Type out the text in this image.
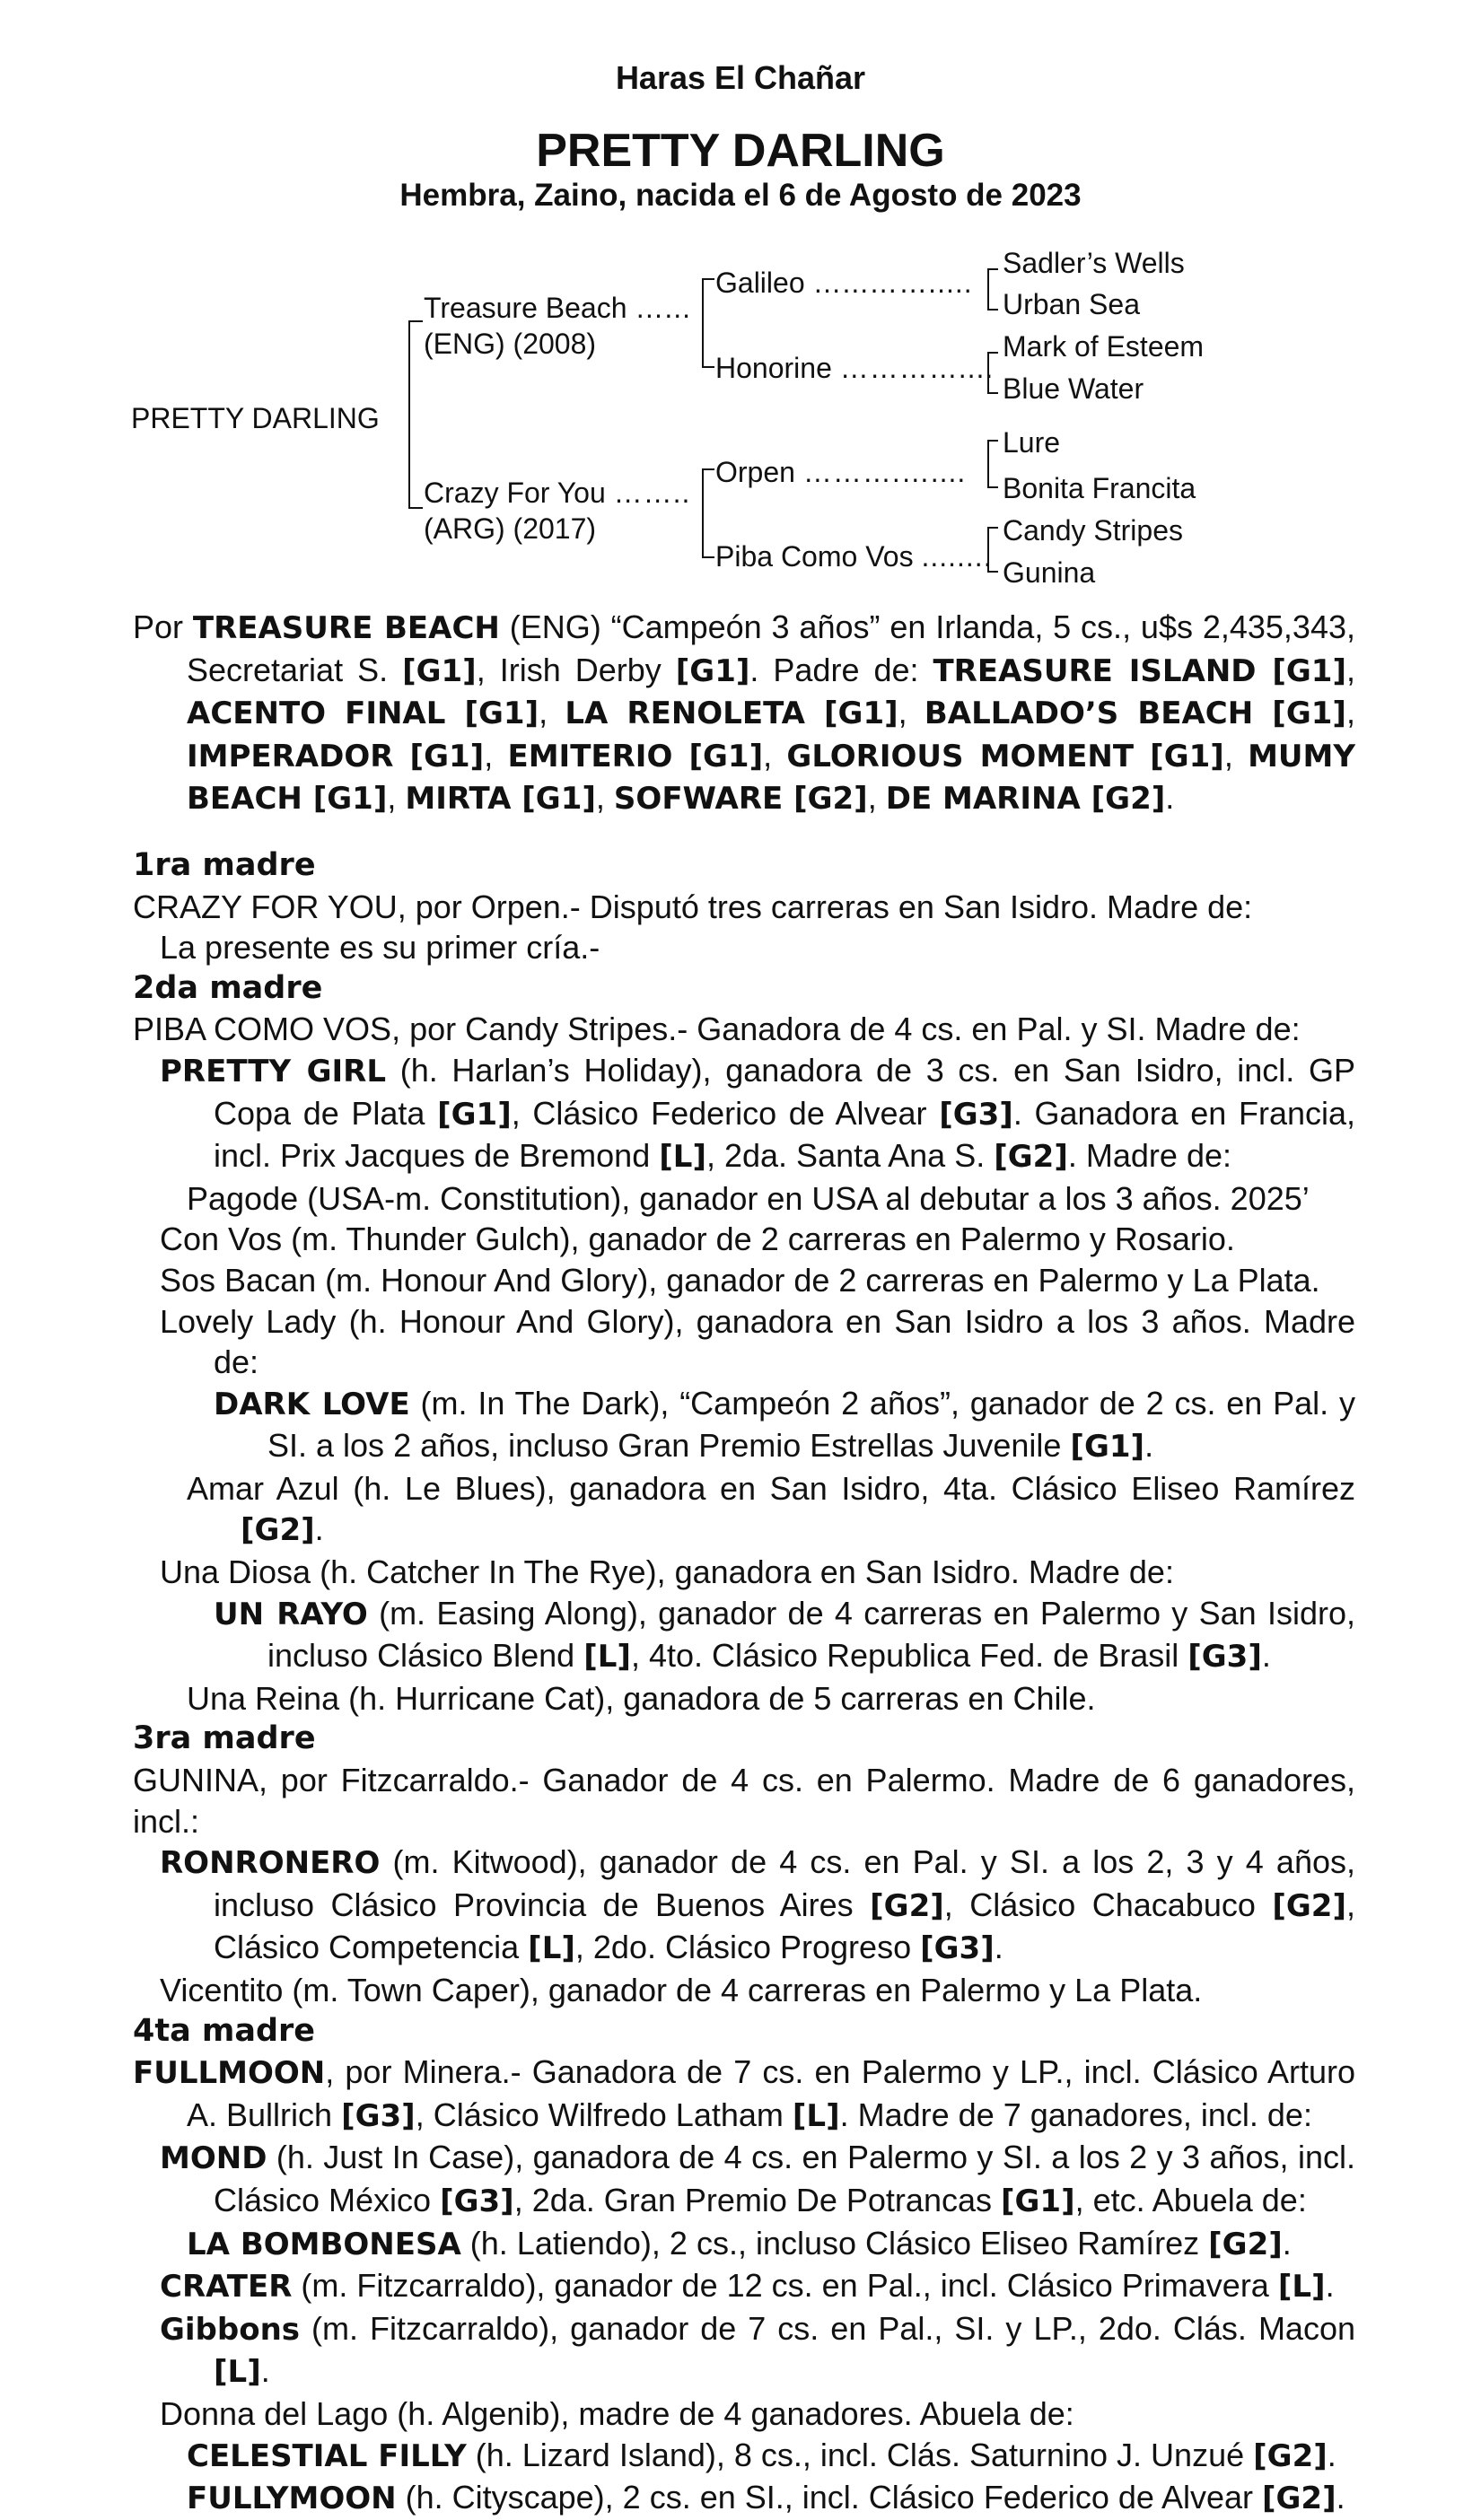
Haras El Chañar
PRETTY DARLING
Hembra, Zaino, nacida el 6 de Agosto de 2023
PRETTY DARLING
Treasure Beach …...
(ENG) (2008)
Crazy For You ……..
(ARG) (2017)
Galileo …...…….....
Honorine …………....
Orpen ……….…....
Piba Como Vos ........
Sadler’s Wells
Urban Sea
Mark of Esteem
Blue Water
Lure
Bonita Francita
Candy Stripes
Gunina

Por TREASURE BEACH (ENG) “Campeón 3 años” en Irlanda, 5 cs., u$s 2,435,343, Secretariat S. [G1], Irish Derby [G1]. Padre de: TREASURE ISLAND [G1], ACENTO FINAL [G1], LA RENOLETA [G1], BALLADO’S BEACH [G1], IMPERADOR [G1], EMITERIO [G1], GLORIOUS MOMENT [G1], MUMY BEACH [G1], MIRTA [G1], SOFWARE [G2], DE MARINA [G2].

1ra madre

CRAZY FOR YOU, por Orpen.- Disputó tres carreras en San Isidro. Madre de:

La presente es su primer cría.-

2da madre

PIBA COMO VOS, por Candy Stripes.- Ganadora de 4 cs. en Pal. y SI. Madre de:

PRETTY GIRL (h. Harlan’s Holiday), ganadora de 3 cs. en San Isidro, incl. GP Copa de Plata [G1], Clásico Federico de Alvear [G3]. Ganadora en Francia, incl. Prix Jacques de Bremond [L], 2da. Santa Ana S. [G2]. Madre de:

Pagode (USA-m. Constitution), ganador en USA al debutar a los 3 años. 2025’

Con Vos (m. Thunder Gulch), ganador de 2 carreras en Palermo y Rosario.

Sos Bacan (m. Honour And Glory), ganador de 2 carreras en Palermo y La Plata.

Lovely Lady (h. Honour And Glory), ganadora en San Isidro a los 3 años. Madre de:

DARK LOVE (m. In The Dark), “Campeón 2 años”, ganador de 2 cs. en Pal. y SI. a los 2 años, incluso Gran Premio Estrellas Juvenile [G1].

Amar Azul (h. Le Blues), ganadora en San Isidro, 4ta. Clásico Eliseo Ramírez [G2].

Una Diosa (h. Catcher In The Rye), ganadora en San Isidro. Madre de:

UN RAYO (m. Easing Along), ganador de 4 carreras en Palermo y San Isidro, incluso Clásico Blend [L], 4to. Clásico Republica Fed. de Brasil [G3].

Una Reina (h. Hurricane Cat), ganadora de 5 carreras en Chile.

3ra madre

GUNINA, por Fitzcarraldo.- Ganador de 4 cs. en Palermo. Madre de 6 ganadores, incl.:

RONRONERO (m. Kitwood), ganador de 4 cs. en Pal. y SI. a los 2, 3 y 4 años, incluso Clásico Provincia de Buenos Aires [G2], Clásico Chacabuco [G2], Clásico Competencia [L], 2do. Clásico Progreso [G3].

Vicentito (m. Town Caper), ganador de 4 carreras en Palermo y La Plata.

4ta madre

FULLMOON, por Minera.- Ganadora de 7 cs. en Palermo y LP., incl. Clásico Arturo A. Bullrich [G3], Clásico Wilfredo Latham [L]. Madre de 7 ganadores, incl. de:

MOND (h. Just In Case), ganadora de 4 cs. en Palermo y SI. a los 2 y 3 años, incl. Clásico México [G3], 2da. Gran Premio De Potrancas [G1], etc. Abuela de:

LA BOMBONESA (h. Latiendo), 2 cs., incluso Clásico Eliseo Ramírez [G2].

CRATER (m. Fitzcarraldo), ganador de 12 cs. en Pal., incl. Clásico Primavera [L].

Gibbons (m. Fitzcarraldo), ganador de 7 cs. en Pal., SI. y LP., 2do. Clás. Macon [L].

Donna del Lago (h. Algenib), madre de 4 ganadores. Abuela de:

CELESTIAL FILLY (h. Lizard Island), 8 cs., incl. Clás. Saturnino J. Unzué [G2].

FULLYMOON (h. Cityscape), 2 cs. en SI., incl. Clásico Federico de Alvear [G2].
